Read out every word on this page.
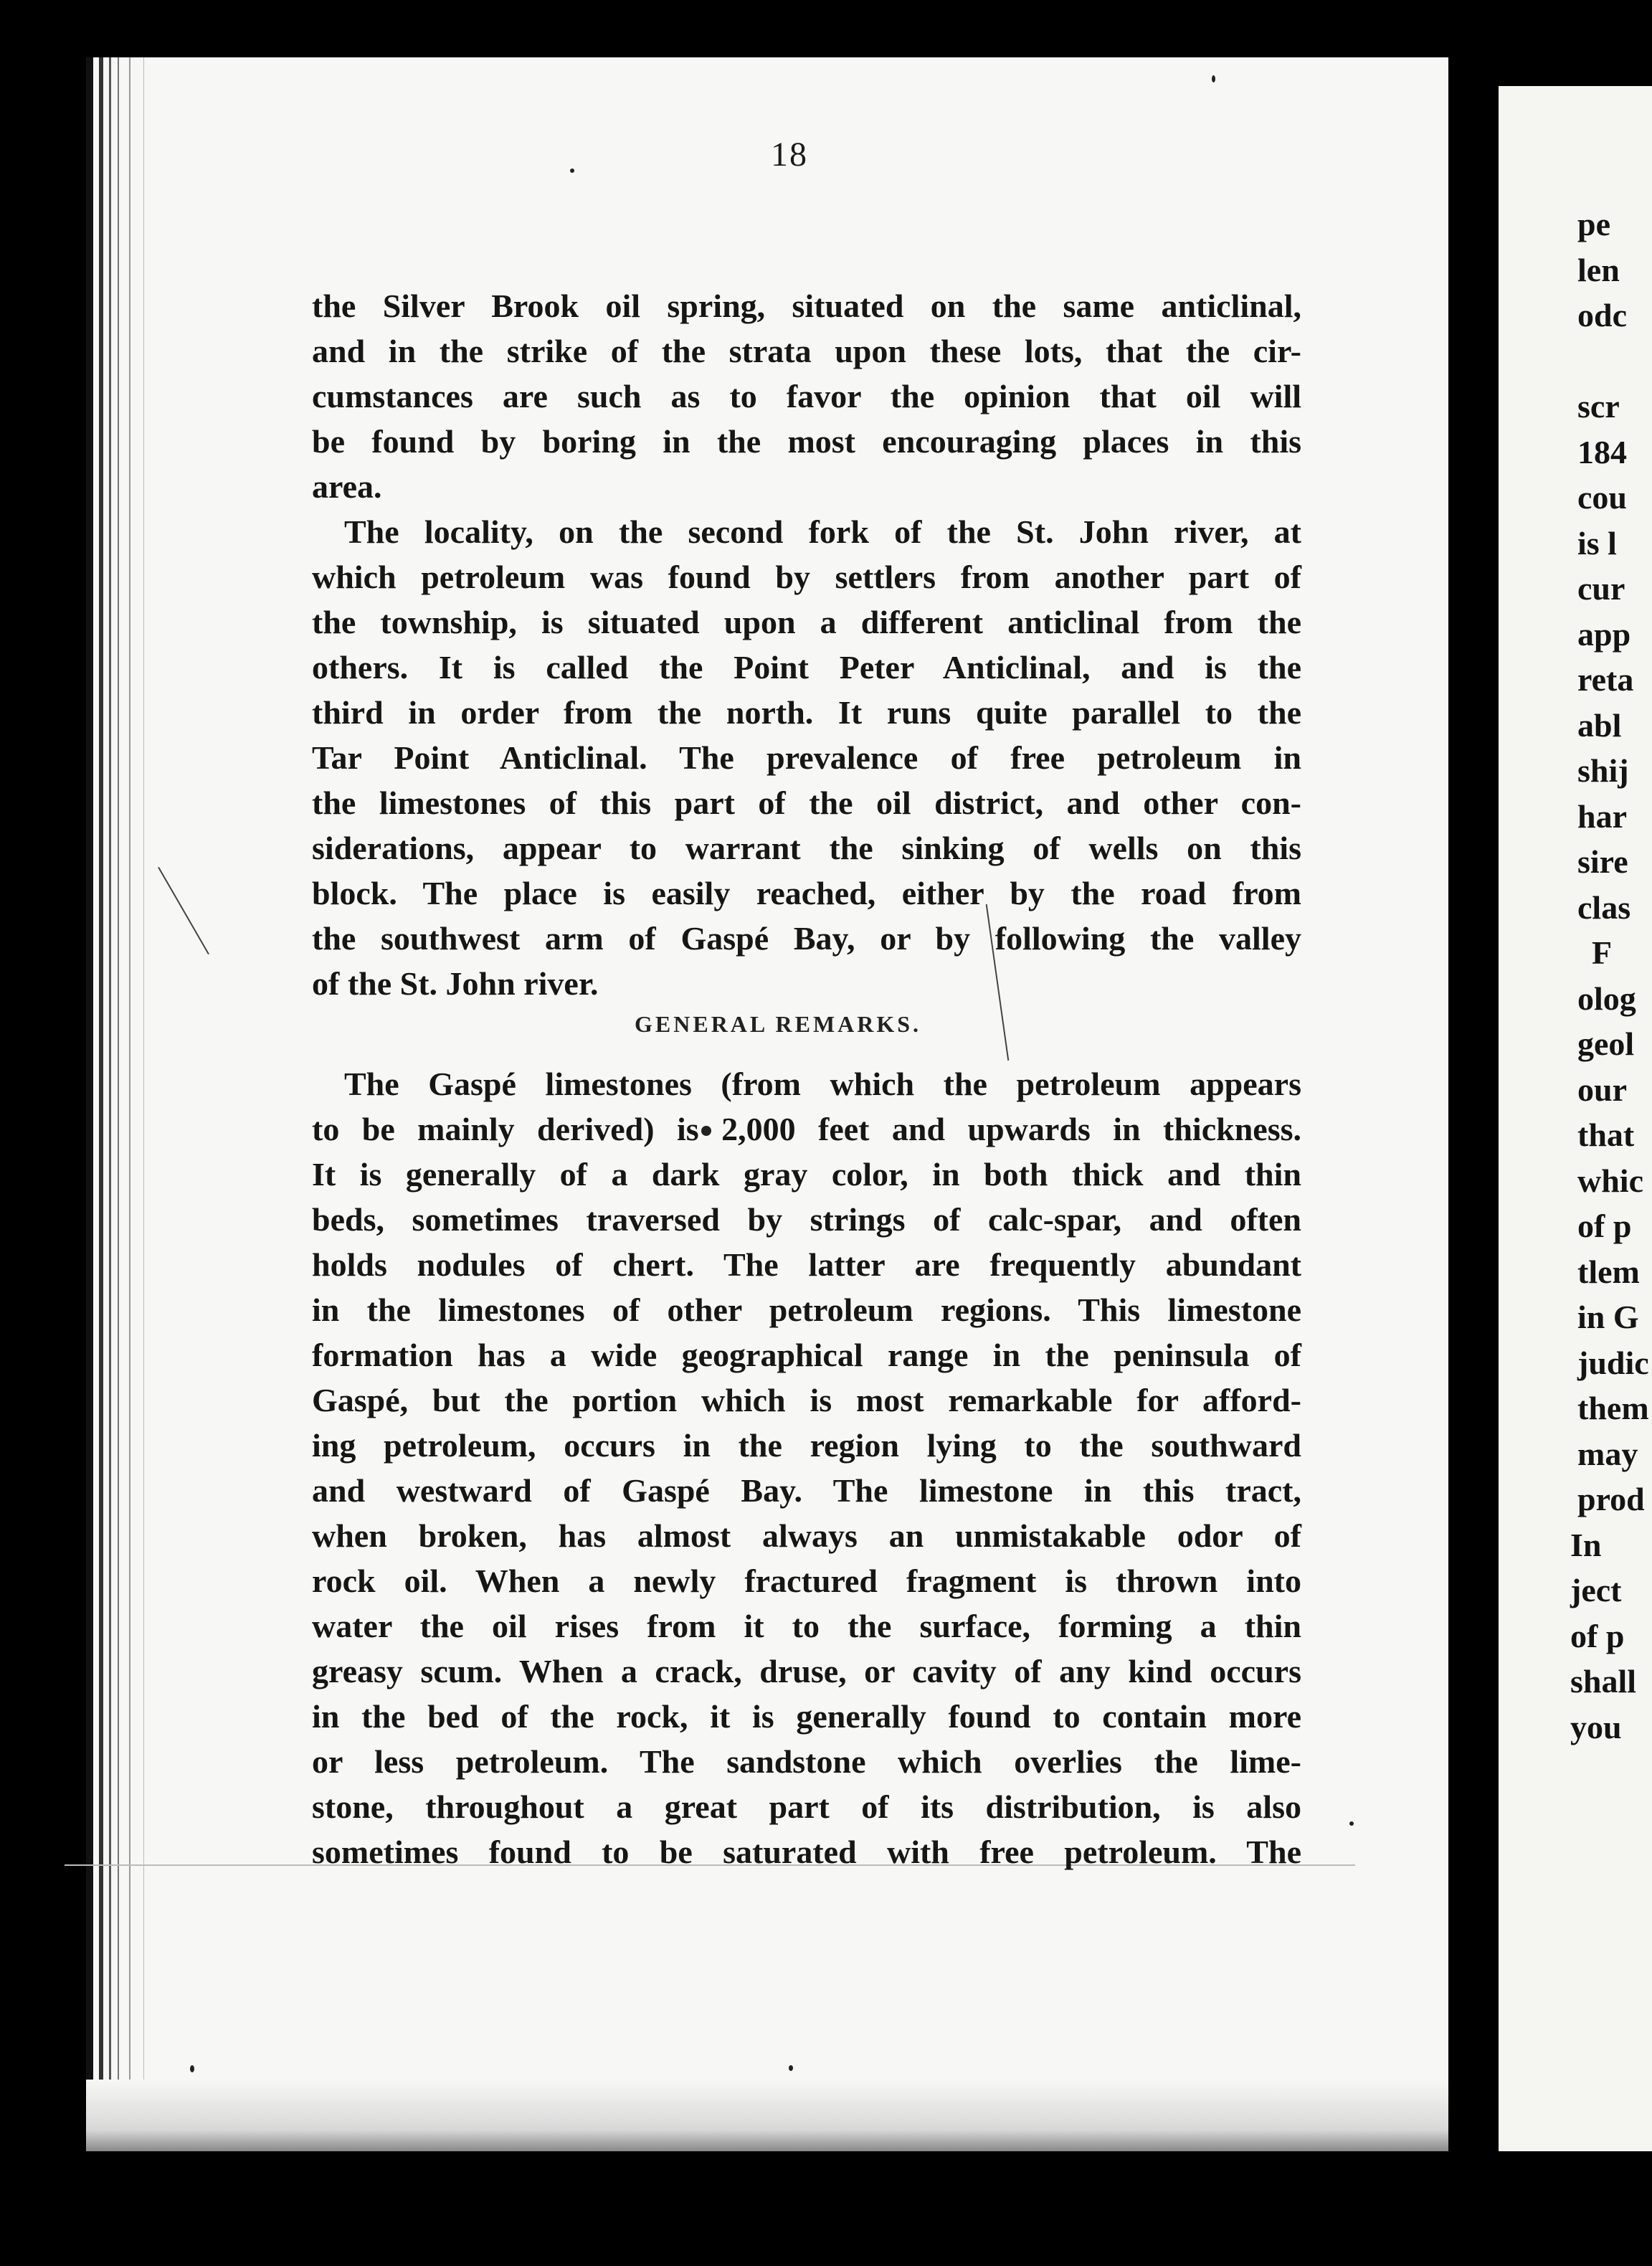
pe
len
odc
scr
184
cou
is l
cur
app
reta
abl
shij
har
sire
clas
F
olog
geol
our
that
whic
of p
tlem
in G
judic
them
may
prod
In
ject
of p
shall
you
18
the Silver Brook oil spring, situated on the same anticlinal,
and in the strike of the strata upon these lots, that the cir-
cumstances are such as to favor the opinion that oil will
be found by boring in the most encouraging places in this
area.
The locality, on the second fork of the St. John river, at
which petroleum was found by settlers from another part of
the township, is situated upon a different anticlinal from the
others. It is called the Point Peter Anticlinal, and is the
third in order from the north. It runs quite parallel to the
Tar Point Anticlinal. The prevalence of free petroleum in
the limestones of this part of the oil district, and other con-
siderations, appear to warrant the sinking of wells on this
block. The place is easily reached, either by the road from
the southwest arm of Gaspé Bay, or by following the valley
of the St. John river.
GENERAL REMARKS.
The Gaspé limestones (from which the petroleum appears
to be mainly derived) is 2,000 feet and upwards in thickness.
It is generally of a dark gray color, in both thick and thin
beds, sometimes traversed by strings of calc-spar, and often
holds nodules of chert. The latter are frequently abundant
in the limestones of other petroleum regions. This limestone
formation has a wide geographical range in the peninsula of
Gaspé, but the portion which is most remarkable for afford-
ing petroleum, occurs in the region lying to the southward
and westward of Gaspé Bay. The limestone in this tract,
when broken, has almost always an unmistakable odor of
rock oil. When a newly fractured fragment is thrown into
water the oil rises from it to the surface, forming a thin
greasy scum. When a crack, druse, or cavity of any kind occurs
in the bed of the rock, it is generally found to contain more
or less petroleum. The sandstone which overlies the lime-
stone, throughout a great part of its distribution, is also
sometimes found to be saturated with free petroleum. The
